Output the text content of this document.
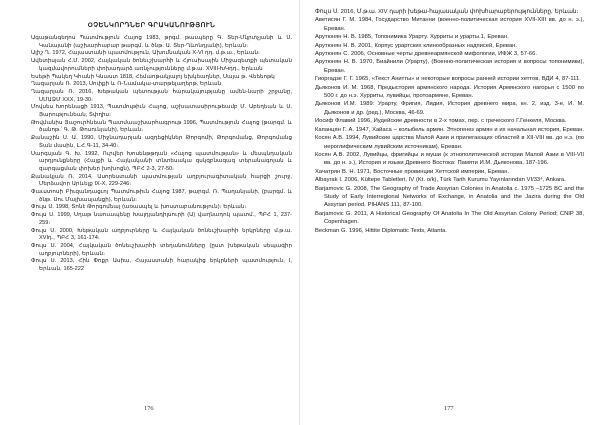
ОՉԵՆԿՈՐԴՆԵՐ ԳՐԱԿԱՆՈՒԹՅՈՒՆ
Ագաթանգեղոս Պատմություն Հայոց 1983, թրգմ. թաւպերը Գ. Տեր-Մկրտչյանի և Ս. Կանայանի (աշխարհաբար թարգմ. և ծնթ. Ա. Տեր-Ղևոնդյանի), Երևան։
Ալիշ Ղ. 1972, Հայաստանի պատմություն, Ախոմնական X-VI դդ. մ.թ.ա., Երևան։
Ավետիսյան Հ.Մ. 2002, Հայկական ծոնեւշխարհի և Հյուսիսային Միջագետքի պետական կազմավորումների փոխադարձ առնչությունները մ.թ.ա. XVIII-ԽԿդդ., Երևան
Եսեթի Պակեղ Կհանի Կնաստ 1818, Հեմաոթակյալոյ եխկեաղներ, Սայա թ. Վեեեոթկ
Ղազարյան Ռ. 2013, Սոփքի և Ռ-Նամակա-տարթելաղերթ, Երևան
Ղազարյան Ռ. 2016, Խեթական պետության հարակայությանը ամեն-նարի շրջանը, ՍՄԱՁՄ XXX, 19-30։
Մովսես Խորենացի 1913, Պատմութիւն Հայոց, աշխատասիրութեամբ Մ. Աբեղեան և Ս. Յարությունեան, Տփղիս։
Թովմանիս Յաշուրհնեան Պատմաաշխարհագրութ 1996, Պատմություն Հայոց (թարգմ. և ծանոթ.՝ Գ. Թ. Թոսունյանի), Երևան։
Քանաշին Ս. Ա. 1990, Միջնադարյան ազդեցիկներ Թորգոմի, Թորգոմանց, Թորգոմանց Տան մասին, Լ.Հ.Գ-11, 34-40։
Սարգսյան Գ. Խ. 1992, Ուրվեր Խոսենթթղան «Հայոց պատմության» և մեսպնդական արդյունքները (Հայքի և Հայկականի տնտեսակա զսկզբնագագ տերանագոյան և զարգացման փոխեր խոխոցն), ՊԲՀ 2-3, 27-50։
Քանակյան Ռ. 2014, Ասորեստանի պատմության աղբյուրագիտական հարցի շուրջ, Մերձավոր Արևելք IX-X, 229-246։
Փաւստոսի Բիւզանդացւոյ Պատմութիւն Հայոց 1987, թարգմ. Ռ. Պաղանյանի, (բարգմ. և ծնթ. Սու Մալխասյանցի), Երևան։
Փուլս Ս. 1998, Տոնէ Թորգոմեալ (առասպել և խոստաբանություն)։ Երևան։
Փուլս Ս. 1999, Սղաթ նաուապենը Խալդյանդիլսուրի (Ա) վաղնադոկ պատմ., ՊԲՀ 1, 237-259։
Փուլս Ս. 2000, Խեթական աղբյուրները և Հայկական ծոնեւշխարհի երկրները մ.թ.ա. XVIդ., ՊԲՀ 3, 161-174։
Փուլս Ս. 2004, Հայկական ծոնեւշխարհի տեղանունները (ըստ խեթական սեպագիր աղբյուրների), Երևան։
Փուլս Ս. 2013, Հին Փոքր Ասիա, Հայաստանի հարակից երկրների պատմություն, I, Երևան, 165-222
176
Փուլս Ս. 2016, Մ.թ.ա. XIV դարի խեթա-հայասական փոխհարաբերությունները, Երևան։
Аветисян Г. М. 1984, Государство Митанни (военно-политическая история XVII-XIII вв. до н. э.), Ереван.
Арутюнян Н. В. 1985, Топонимика Урарту. Хурриты и урарты.1, Ереван.
Арутюнян Н. В. 2001, Корпус урартских клинообразных надписей, Ереван.
Арутюнян С. 2006, Основные черты древнеармянской мифологии, ИФЖ 3, 57-66.
Арутюнян Н. В. 1970, Биайнили (Урарту), (Военно-политическая история и вопросы топонимики), Ереван.
Гиоргадзе Г. Г. 1965, «Текст Анитты» и некоторые вопросы ранней истории хеттов, ВДИ 4, 87-111.
Дьяконов И. М. 1968, Предыстория армянского народа. История Армянского нагорья с 1500 по 500 г. до н.э. Хурриты, лувийцы, протоармяне, Ереван.
Дьяконов И.М. 1989: Урарту, Фригия, Лидия, История древнего мира, кн. 2, изд. 3-е, И. М. Дьяконов и др. (ред.), Москва, 46-69.
Иосиф Флавий 1996, Иудейские древности в 2-х томах, пер. с греческого Г.Генкеля, Москва.
Капанцян Г. А. 1947, Хайаса – колыбель армян. Этногенез армян и их начальная история, Ереван.
Косян А.В. 1994, Лувийские царства Малой Азии и прилегающих областей в XII-VIII вв. до н.э. (по иероглифическим лувийским источникам), Ереван.
Косян А.В. 2002, Лувийцы, фригийцы и муши (к этнополитической истории Малой Азии в VIII-VII вв. до н. э.), История и языки Древнего Востока: Памяти И.М. Дьяконова, 187-196.
Хачатрян В. Н. 1971, Восточные провинции Хеттской империи, Ереван.
Albayrak I. 2006, Kültepe Tabletleri, IV (Kt. o/k), Türk Tarih Kurumu Yayınlarından VI/33⁴, Ankara.
Barjamovic G. 2008, The Geography of Trade Assyrian Colonies in Anatolia c. 1975 –1725 BC and the Study of Early Interregional Networks of Exchange, in Anatolia and the Jazira during the Old Assyrian period, PIHANS 111, 87-100.
Barjamovic G. 2011, A Historical Geography Of Anatolia In The Old Assyrian Colony Period; CNIP 38, Copenhagen.
Beckman G. 1996, Hittite Diplomatic Texts, Atlanta.
177
